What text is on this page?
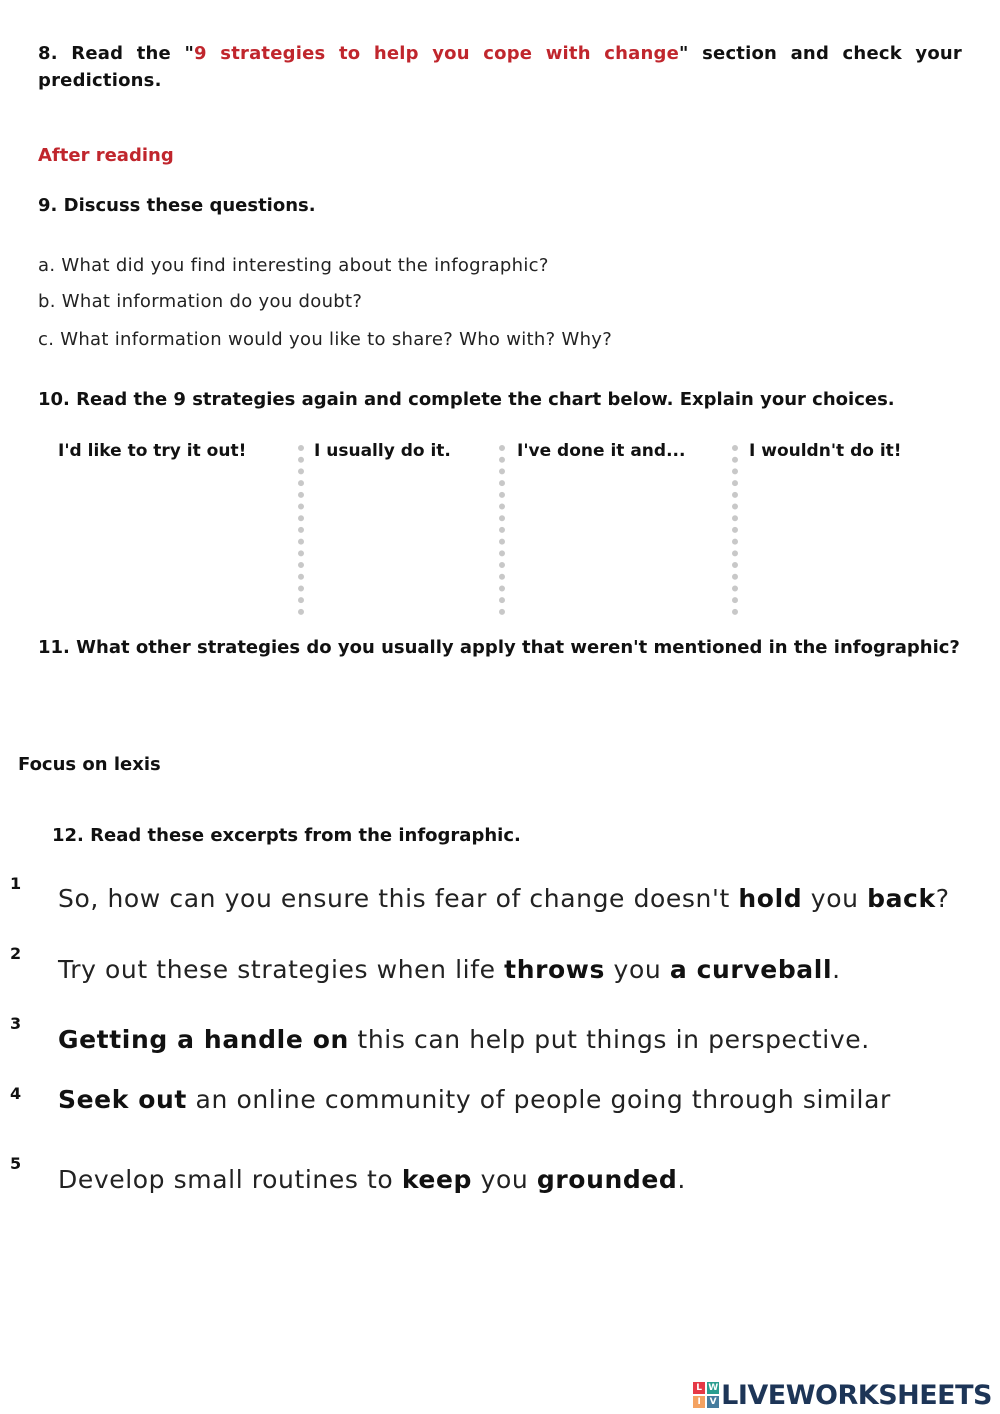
8. Read the "9 strategies to help you cope with change" section and check your predictions.
After reading
9. Discuss these questions.
a. What did you find interesting about the infographic?
b. What information do you doubt?
c. What information would you like to share? Who with? Why?
10. Read the 9 strategies again and complete the chart below. Explain your choices.
I'd like to try it out!	I usually do it.	I've done it and...	I wouldn't do it!
11. What other strategies do you usually apply that weren't mentioned in the infographic?
Focus on lexis
12. Read these excerpts from the infographic.
1
So, how can you ensure this fear of change doesn't hold you back?
2
Try out these strategies when life throws you a curveball.
3
Getting a handle on this can help put things in perspective.
4 Seek out an online community of people going through similar
5
Develop small routines to keep you grounded.
L W
I V LIVEWORKSHEETS
